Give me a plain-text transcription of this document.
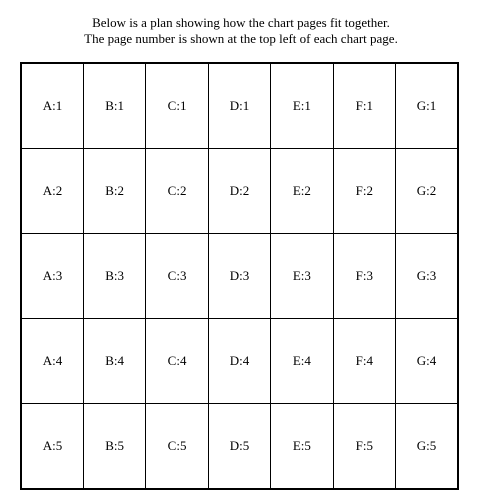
Below is a plan showing how the chart pages fit together.
The page number is shown at the top left of each chart page.
A:1	B:1	C:1	D:1	E:1	F:1	G:1
A:2	B:2	C:2	D:2	E:2	F:2	G:2
A:3	B:3	C:3	D:3	E:3	F:3	G:3
A:4	B:4	C:4	D:4	E:4	F:4	G:4
A:5	B:5	C:5	D:5	E:5	F:5	G:5
